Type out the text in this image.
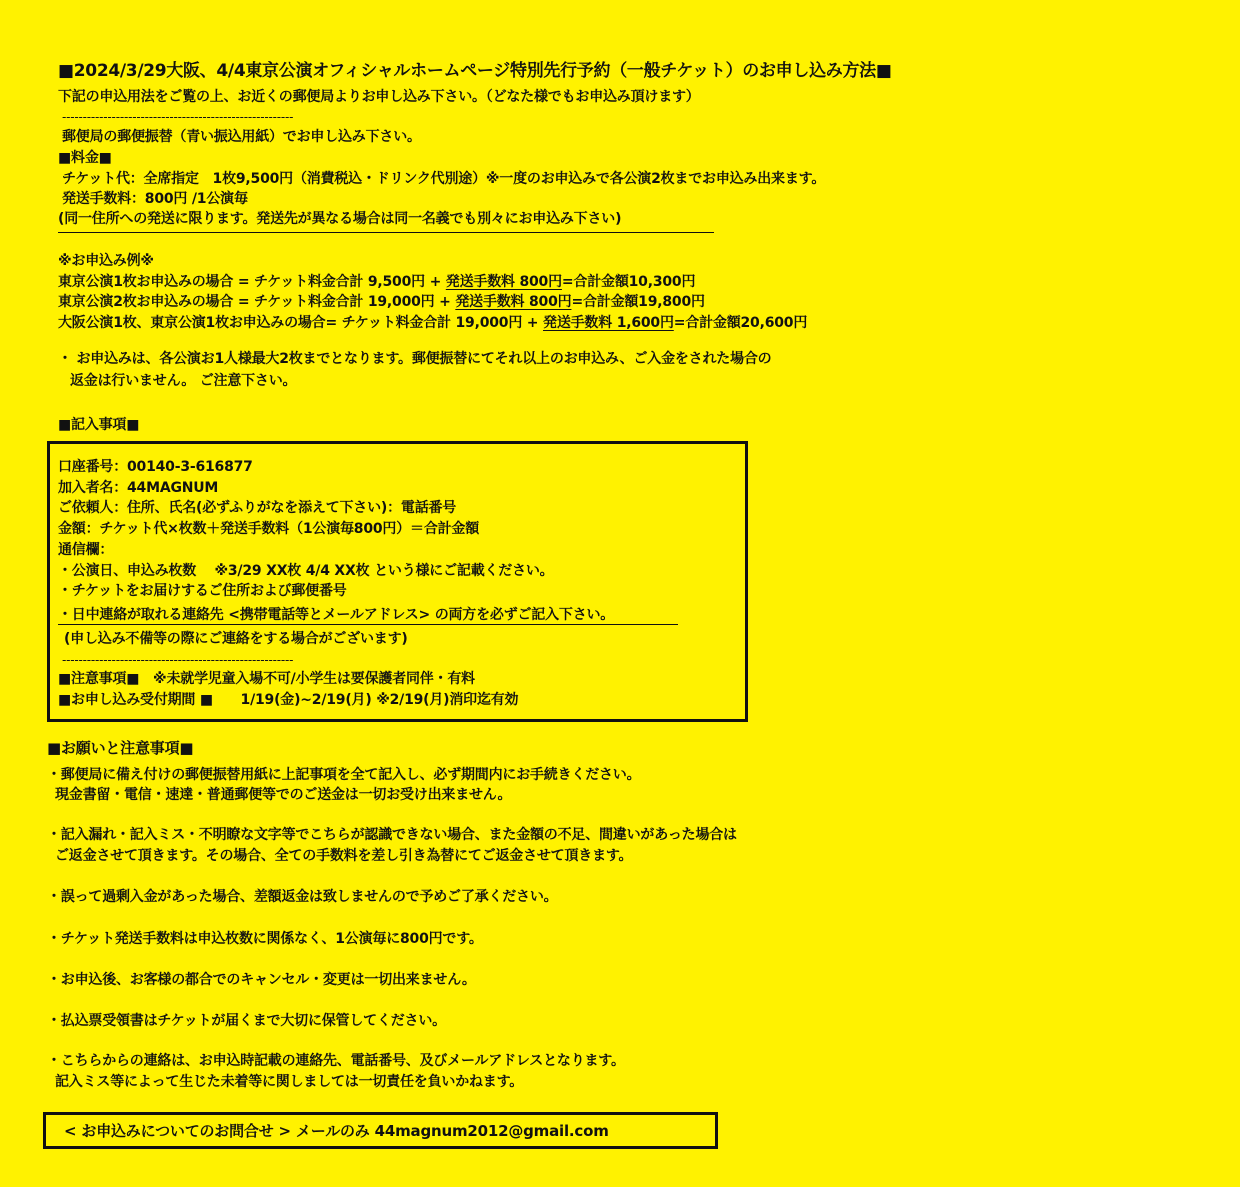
■2024/3/29大阪、4/4東京公演オフィシャルホームページ特別先行予約（一般チケット）のお申し込み方法■
下記の申込用法をご覧の上、お近くの郵便局よりお申し込み下さい。（どなた様でもお申込み頂けます）
--------------------------------------------------------
郵便局の郵便振替（青い振込用紙）でお申し込み下さい。
■料金■
チケット代：全席指定　1枚9,500円（消費税込・ドリンク代別途）※一度のお申込みで各公演2枚までお申込み出来ます。
発送手数料：800円 /1公演毎
(同一住所への発送に限ります。発送先が異なる場合は同一名義でも別々にお申込み下さい)
※お申込み例※
東京公演1枚お申込みの場合 = チケット料金合計 9,500円 + 発送手数料 800円=合計金額10,300円
東京公演2枚お申込みの場合 = チケット料金合計 19,000円 + 発送手数料 800円=合計金額19,800円
大阪公演1枚、東京公演1枚お申込みの場合= チケット料金合計 19,000円 + 発送手数料 1,600円=合計金額20,600円
・ お申込みは、各公演お1人様最大2枚までとなります。郵便振替にてそれ以上のお申込み、ご入金をされた場合の
返金は行いません。 ご注意下さい。
■記入事項■
口座番号：00140-3-616877
加入者名：44MAGNUM
ご依頼人：住所、氏名(必ずふりがなを添えて下さい)：電話番号
金額：チケット代×枚数＋発送手数料（1公演毎800円）＝合計金額
通信欄：
・公演日、申込み枚数　 ※3/29 XX枚 4/4 XX枚 という様にご記載ください。
・チケットをお届けするご住所および郵便番号
・日中連絡が取れる連絡先 <携帯電話等とメールアドレス> の両方を必ずご記入下さい。
(申し込み不備等の際にご連絡をする場合がございます)
--------------------------------------------------------
■注意事項■　※未就学児童入場不可/小学生は要保護者同伴・有料
■お申し込み受付期間 ■　　1/19(金)~2/19(月) ※2/19(月)消印迄有効
■お願いと注意事項■
・郵便局に備え付けの郵便振替用紙に上記事項を全て記入し、必ず期間内にお手続きください。
現金書留・電信・速達・普通郵便等でのご送金は一切お受け出来ません。
・記入漏れ・記入ミス・不明瞭な文字等でこちらが認識できない場合、また金額の不足、間違いがあった場合は
ご返金させて頂きます。その場合、全ての手数料を差し引き為替にてご返金させて頂きます。
・誤って過剰入金があった場合、差額返金は致しませんので予めご了承ください。
・チケット発送手数料は申込枚数に関係なく、1公演毎に800円です。
・お申込後、お客様の都合でのキャンセル・変更は一切出来ません。
・払込票受領書はチケットが届くまで大切に保管してください。
・こちらからの連絡は、お申込時記載の連絡先、電話番号、及びメールアドレスとなります。
記入ミス等によって生じた未着等に関しましては一切責任を負いかねます。
< お申込みについてのお問合せ > メールのみ 44magnum2012@gmail.com
